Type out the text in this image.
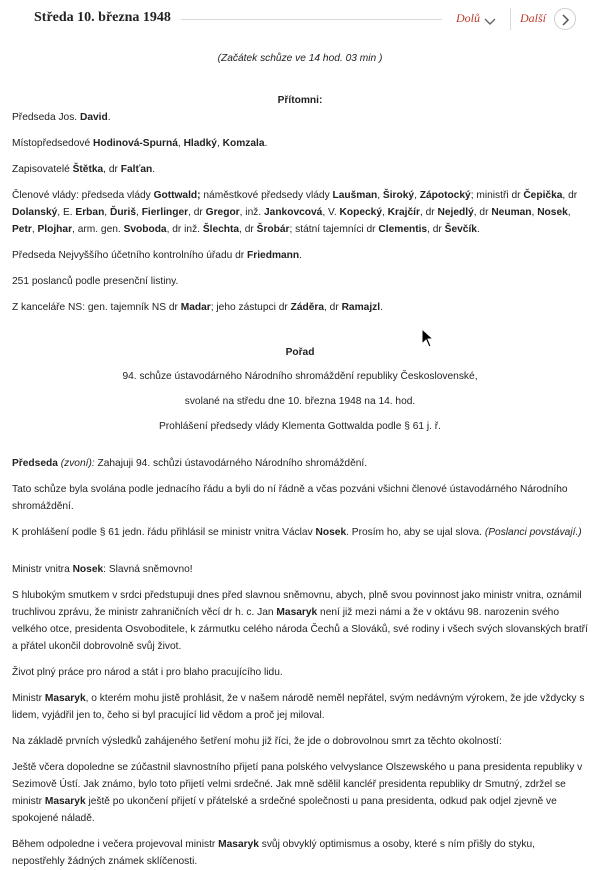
Středa 10. března 1948	Dolů	Další

(Začátek schůze ve 14 hod. 03 min )

Přítomni:

Předseda Jos. David.

Místopředsedové Hodinová-Spurná, Hladký, Komzala.

Zapisovatelé Štětka, dr Falťan.

Členové vlády: předseda vlády Gottwald; náměstkové předsedy vlády Laušman, Široký, Zápotocký; ministři dr Čepička, dr Dolanský, E. Erban, Ďuriš, Fierlinger, dr Gregor, inž. Jankovcová, V. Kopecký, Krajčír, dr Nejedlý, dr Neuman, Nosek, Petr, Plojhar, arm. gen. Svoboda, dr inž. Šlechta, dr Šrobár; státní tajemníci dr Clementis, dr Ševčík.

Předseda Nejvyššího účetního kontrolního úřadu dr Friedmann.

251 poslanců podle presenční listiny.

Z kanceláře NS: gen. tajemník NS dr Madar; jeho zástupci dr Záděra, dr Ramajzl.

Pořad

94. schůze ústavodárného Národního shromáždění republiky Československé,

svolané na středu dne 10. března 1948 na 14. hod.

Prohlášení předsedy vlády Klementa Gottwalda podle § 61 j. ř.

Předseda (zvoní): Zahajuji 94. schůzi ústavodárného Národního shromáždění.

Tato schůze byla svolána podle jednacího řádu a byli do ní řádně a včas pozváni všichni členové ústavodárného Národního shromáždění.

K prohlášení podle § 61 jedn. řádu přihlásil se ministr vnitra Václav Nosek. Prosím ho, aby se ujal slova. (Poslanci povstávají.)

Ministr vnitra Nosek: Slavná sněmovno!

S hlubokým smutkem v srdci předstupuji dnes před slavnou sněmovnu, abych, plně svou povinnost jako ministr vnitra, oznámil truchlivou zprávu, že ministr zahraničních věcí dr h. c. Jan Masaryk není již mezi námi a že v oktávu 98. narozenin svého velkého otce, presidenta Osvoboditele, k zármutku celého národa Čechů a Slováků, své rodiny i všech svých slovanských bratří a přátel ukončil dobrovolně svůj život.

Život plný práce pro národ a stát i pro blaho pracujícího lidu.

Ministr Masaryk, o kterém mohu jistě prohlásit, že v našem národě neměl nepřátel, svým nedávným výrokem, že jde vždycky s lidem, vyjádřil jen to, čeho si byl pracující lid vědom a proč jej miloval.

Na základě prvních výsledků zahájeného šetření mohu již říci, že jde o dobrovolnou smrt za těchto okolností:

Ještě včera dopoledne se zúčastnil slavnostního přijetí pana polského velvyslance Olszewského u pana presidenta republiky v Sezimově Ústí. Jak známo, bylo toto přijetí velmi srdečné. Jak mně sdělil kancléř presidenta republiky dr Smutný, zdržel se ministr Masaryk ještě po ukončení přijetí v přátelské a srdečné společnosti u pana presidenta, odkud pak odjel zjevně ve spokojené náladě.

Během odpoledne i večera projevoval ministr Masaryk svůj obvyklý optimismus a osoby, které s ním přišly do styku, nepostřehly žádných známek sklíčenosti.
